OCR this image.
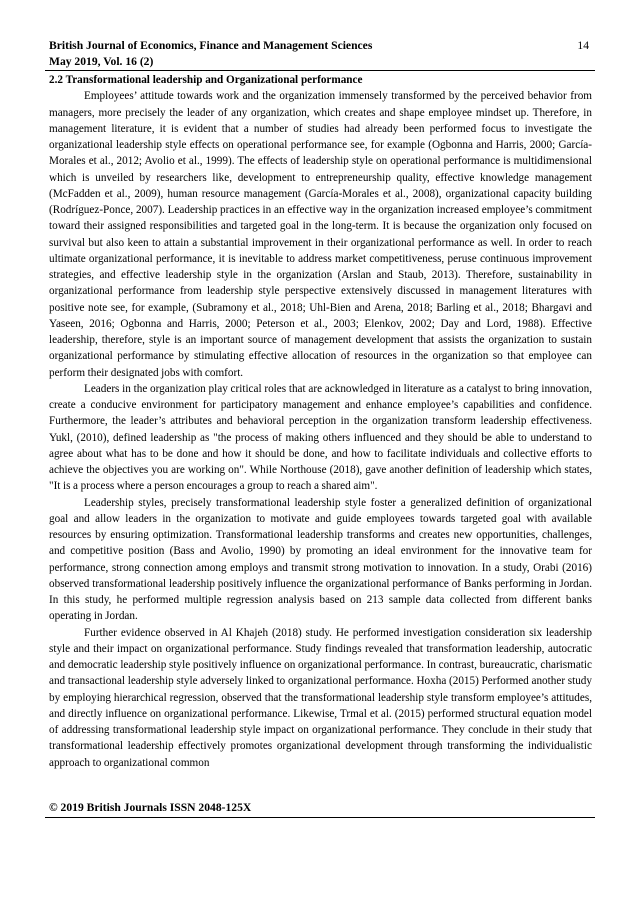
British Journal of Economics, Finance and Management Sciences	14
May 2019, Vol. 16 (2)
2.2 Transformational leadership and Organizational performance

Employees’ attitude towards work and the organization immensely transformed by the perceived behavior from managers, more precisely the leader of any organization, which creates and shape employee mindset up. Therefore, in management literature, it is evident that a number of studies had already been performed focus to investigate the organizational leadership style effects on operational performance see, for example (Ogbonna and Harris, 2000; García-Morales et al., 2012; Avolio et al., 1999). The effects of leadership style on operational performance is multidimensional which is unveiled by researchers like, development to entrepreneurship quality, effective knowledge management (McFadden et al., 2009), human resource management (García-Morales et al., 2008), organizational capacity building (Rodríguez-Ponce, 2007). Leadership practices in an effective way in the organization increased employee’s commitment toward their assigned responsibilities and targeted goal in the long-term. It is because the organization only focused on survival but also keen to attain a substantial improvement in their organizational performance as well. In order to reach ultimate organizational performance, it is inevitable to address market competitiveness, peruse continuous improvement strategies, and effective leadership style in the organization (Arslan and Staub, 2013). Therefore, sustainability in organizational performance from leadership style perspective extensively discussed in management literatures with positive note see, for example, (Subramony et al., 2018; Uhl-Bien and Arena, 2018; Barling et al., 2018; Bhargavi and Yaseen, 2016; Ogbonna and Harris, 2000; Peterson et al., 2003; Elenkov, 2002; Day and Lord, 1988). Effective leadership, therefore, style is an important source of management development that assists the organization to sustain organizational performance by stimulating effective allocation of resources in the organization so that employee can perform their designated jobs with comfort.

Leaders in the organization play critical roles that are acknowledged in literature as a catalyst to bring innovation, create a conducive environment for participatory management and enhance employee’s capabilities and confidence. Furthermore, the leader’s attributes and behavioral perception in the organization transform leadership effectiveness. Yukl, (2010), defined leadership as "the process of making others influenced and they should be able to understand to agree about what has to be done and how it should be done, and how to facilitate individuals and collective efforts to achieve the objectives you are working on". While Northouse (2018), gave another definition of leadership which states, "It is a process where a person encourages a group to reach a shared aim".

Leadership styles, precisely transformational leadership style foster a generalized definition of organizational goal and allow leaders in the organization to motivate and guide employees towards targeted goal with available resources by ensuring optimization. Transformational leadership transforms and creates new opportunities, challenges, and competitive position (Bass and Avolio, 1990) by promoting an ideal environment for the innovative team for performance, strong connection among employs and transmit strong motivation to innovation. In a study, Orabi (2016) observed transformational leadership positively influence the organizational performance of Banks performing in Jordan. In this study, he performed multiple regression analysis based on 213 sample data collected from different banks operating in Jordan.

Further evidence observed in Al Khajeh (2018) study. He performed investigation consideration six leadership style and their impact on organizational performance. Study findings revealed that transformation leadership, autocratic and democratic leadership style positively influence on organizational performance. In contrast, bureaucratic, charismatic and transactional leadership style adversely linked to organizational performance. Hoxha (2015) Performed another study by employing hierarchical regression, observed that the transformational leadership style transform employee’s attitudes, and directly influence on organizational performance. Likewise, Trmal et al. (2015) performed structural equation model of addressing transformational leadership style impact on organizational performance. They conclude in their study that transformational leadership effectively promotes organizational development through transforming the individualistic approach to organizational common

© 2019 British Journals ISSN 2048-125X
